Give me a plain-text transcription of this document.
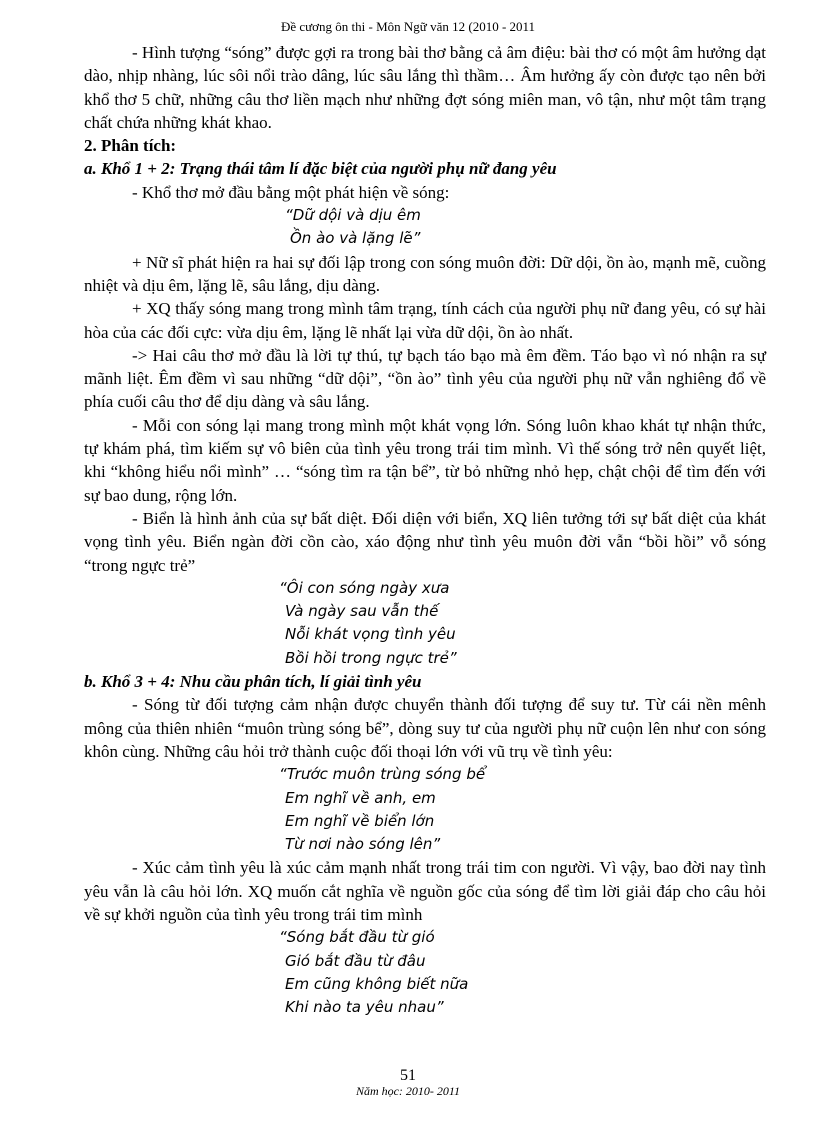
Đề cương ôn thi - Môn Ngữ văn 12 (2010 - 2011

- Hình tượng “sóng” được gợi ra trong bài thơ bằng cả âm điệu: bài thơ có một âm hưởng dạt dào, nhịp nhàng, lúc sôi nổi trào dâng, lúc sâu lắng thì thầm… Âm hưởng ấy còn được tạo nên bởi khổ thơ 5 chữ, những câu thơ liền mạch như những đợt sóng miên man, vô tận, như một tâm trạng chất chứa những khát khao.

2. Phân tích:

a. Khổ 1 + 2: Trạng thái tâm lí đặc biệt của người phụ nữ đang yêu

- Khổ thơ mở đầu bằng một phát hiện về sóng:

“Dữ dội và dịu êm
Ồn ào và lặng lẽ”

+ Nữ sĩ phát hiện ra hai sự đối lập trong con sóng muôn đời: Dữ dội, ồn ào, mạnh mẽ, cuồng nhiệt và dịu êm, lặng lẽ, sâu lắng, dịu dàng.

+ XQ thấy sóng mang trong mình tâm trạng, tính cách của người phụ nữ đang yêu, có sự hài hòa của các đối cực: vừa dịu êm, lặng lẽ nhất lại vừa dữ dội, ồn ào nhất.

-> Hai câu thơ mở đầu là lời tự thú, tự bạch táo bạo mà êm đềm. Táo bạo vì nó nhận ra sự mãnh liệt. Êm đềm vì sau những “dữ dội”, “ồn ào” tình yêu của người phụ nữ vẫn nghiêng đổ về phía cuối câu thơ để dịu dàng và sâu lắng.

- Mỗi con sóng lại mang trong mình một khát vọng lớn. Sóng luôn khao khát tự nhận thức, tự khám phá, tìm kiếm sự vô biên của tình yêu trong trái tim mình. Vì thế sóng trở nên quyết liệt, khi “không hiểu nổi mình” … “sóng tìm ra tận bể”, từ bỏ những nhỏ hẹp, chật chội để tìm đến với sự bao dung, rộng lớn.

- Biển là hình ảnh của sự bất diệt. Đối diện với biển, XQ liên tưởng tới sự bất diệt của khát vọng tình yêu. Biển ngàn đời cồn cào, xáo động như tình yêu muôn đời vẫn “bồi hồi” vỗ sóng “trong ngực trẻ”

“Ôi con sóng ngày xưa
Và ngày sau vẫn thế
Nỗi khát vọng tình yêu
Bồi hồi trong ngực trẻ”

b. Khổ 3 + 4: Nhu cầu phân tích, lí giải tình yêu

- Sóng từ đối tượng cảm nhận được chuyển thành đối tượng để suy tư. Từ cái nền mênh mông của thiên nhiên “muôn trùng sóng bể”, dòng suy tư của người phụ nữ cuộn lên như con sóng khôn cùng. Những câu hỏi trở thành cuộc đối thoại lớn với vũ trụ về tình yêu:

“Trước muôn trùng sóng bể
Em nghĩ về anh, em
Em nghĩ về biển lớn
Từ nơi nào sóng lên”

- Xúc cảm tình yêu là xúc cảm mạnh nhất trong trái tim con người. Vì vậy, bao đời nay tình yêu vẫn là câu hỏi lớn. XQ muốn cắt nghĩa về nguồn gốc của sóng để tìm lời giải đáp cho câu hỏi về sự khởi nguồn của tình yêu trong trái tim mình

“Sóng bắt đầu từ gió
Gió bắt đầu từ đâu
Em cũng không biết nữa
Khi nào ta yêu nhau”
51
Năm học: 2010- 2011
